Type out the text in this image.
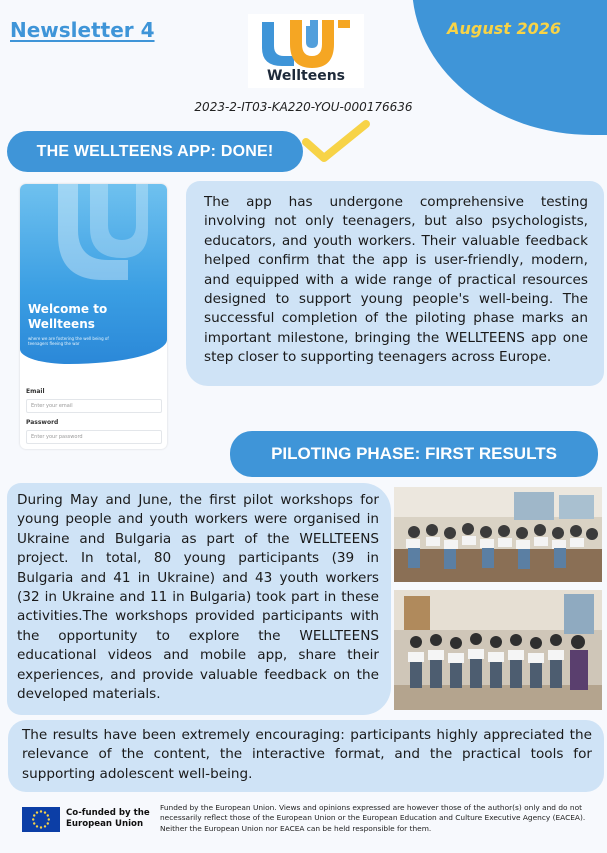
August 2026
Newsletter 4
Wellteens
2023-2-IT03-KA220-YOU-000176636
THE WELLTEENS APP: DONE!
Welcome to Wellteens
where we are fostering the well being of teenagers fleeing the war
Email
Enter your email
Password
Enter your password
The app has undergone comprehensive testing involving not only teenagers, but also psychologists, educators, and youth workers. Their valuable feedback helped confirm that the app is user-friendly, modern, and equipped with a wide range of practical resources designed to support young people's well-being. The successful completion of the piloting phase marks an important milestone, bringing the WELLTEENS app one step closer to supporting teenagers across Europe.
PILOTING PHASE: FIRST RESULTS
During May and June, the first pilot workshops for young people and youth workers were organised in Ukraine and Bulgaria as part of the WELLTEENS project. In total, 80 young participants (39 in Bulgaria and 41 in Ukraine) and 43 youth workers (32 in Ukraine and 11 in Bulgaria) took part in these activities.The workshops provided participants with the opportunity to explore the WELLTEENS educational videos and mobile app, share their experiences, and provide valuable feedback on the developed materials.
The results have been extremely encouraging: participants highly appreciated the relevance of the content, the interactive format, and the practical tools for supporting adolescent well-being.
Co-funded by the European Union
Funded by the European Union. Views and opinions expressed are however those of the author(s) only and do not necessarily reflect those of the European Union or the European Education and Culture Executive Agency (EACEA). Neither the European Union nor EACEA can be held responsible for them.
